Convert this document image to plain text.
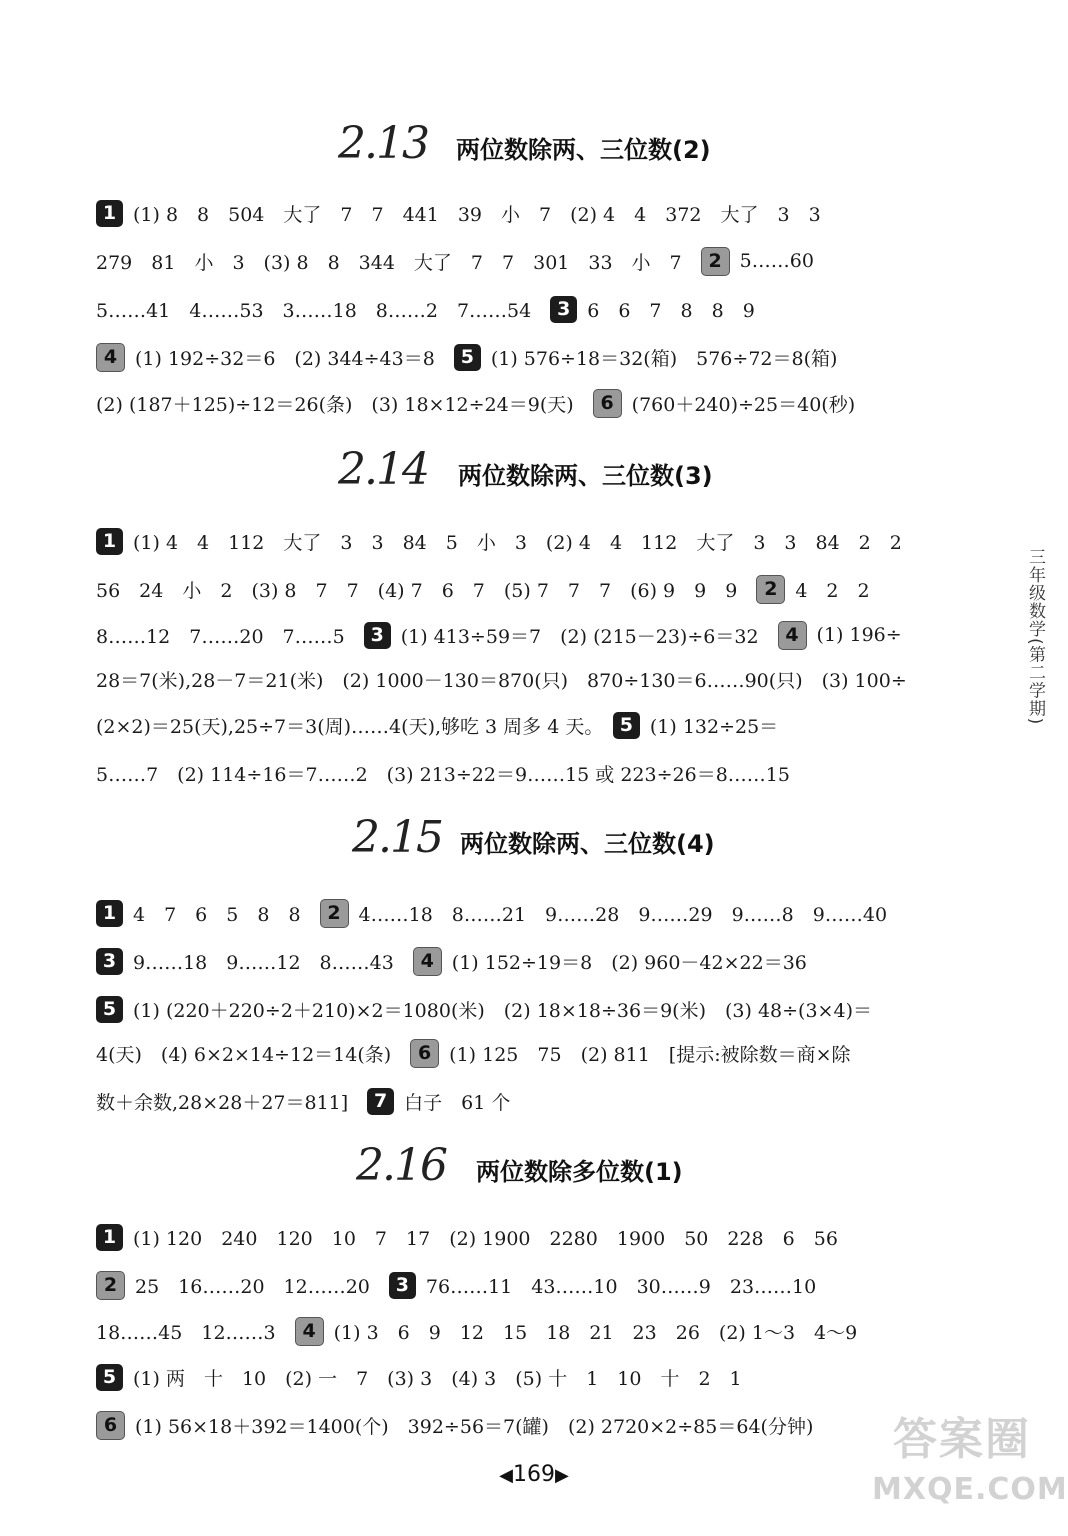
2.13 两位数除两、三位数(2)
1 (1) 8　8　504　大了　7　7　441　39　小　7　(2) 4　4　372　大了　3　3
279　81　小　3　(3) 8　8　344　大了　7　7　301　33　小　7　 2 5……60
5……41　4……53　3……18　8……2　7……54　 3 6　6　7　8　8　9
4 (1) 192÷32＝6　(2) 344÷43＝8　 5 (1) 576÷18＝32(箱)　576÷72＝8(箱)
(2) (187＋125)÷12＝26(条)　(3) 18×12÷24＝9(天)　 6 (760＋240)÷25＝40(秒)
2.14 两位数除两、三位数(3)
1 (1) 4　4　112　大了　3　3　84　5　小　3　(2) 4　4　112　大了　3　3　84　2　2
56　24　小　2　(3) 8　7　7　(4) 7　6　7　(5) 7　7　7　(6) 9　9　9　 2 4　2　2
8……12　7……20　7……5　 3 (1) 413÷59＝7　(2) (215－23)÷6＝32　 4 (1) 196÷
28＝7(米),28－7＝21(米)　(2) 1000－130＝870(只)　870÷130＝6……90(只)　(3) 100÷
(2×2)＝25(天),25÷7＝3(周)……4(天),够吃 3 周多 4 天。　 5 (1) 132÷25＝
5……7　(2) 114÷16＝7……2　(3) 213÷22＝9……15 或 223÷26＝8……15
2.15 两位数除两、三位数(4)
1 4　7　6　5　8　8　 2 4……18　8……21　9……28　9……29　9……8　9……40
3 9……18　9……12　8……43　 4 (1) 152÷19＝8　(2) 960－42×22＝36
5 (1) (220＋220÷2＋210)×2＝1080(米)　(2) 18×18÷36＝9(米)　(3) 48÷(3×4)＝
4(天)　(4) 6×2×14÷12＝14(条)　 6 (1) 125　75　(2) 811　[提示:被除数＝商×除
数＋余数,28×28＋27＝811]　 7 白子　61 个
2.16 两位数除多位数(1)
1 (1) 120　240　120　10　7　17　(2) 1900　2280　1900　50　228　6　56
2 25　16……20　12……20　 3 76……11　43……10　30……9　23……10
18……45　12……3　 4 (1) 3　6　9　12　15　18　21　23　26　(2) 1～3　4～9
5 (1) 两　十　10　(2) 一　7　(3) 3　(4) 3　(5) 十　1　10　十　2　1
6 (1) 56×18＋392＝1400(个)　392÷56＝7(罐)　(2) 2720×2÷85＝64(分钟)
三年级数学(第二学期)
◀169▶
答案圈
MXQE.COM
